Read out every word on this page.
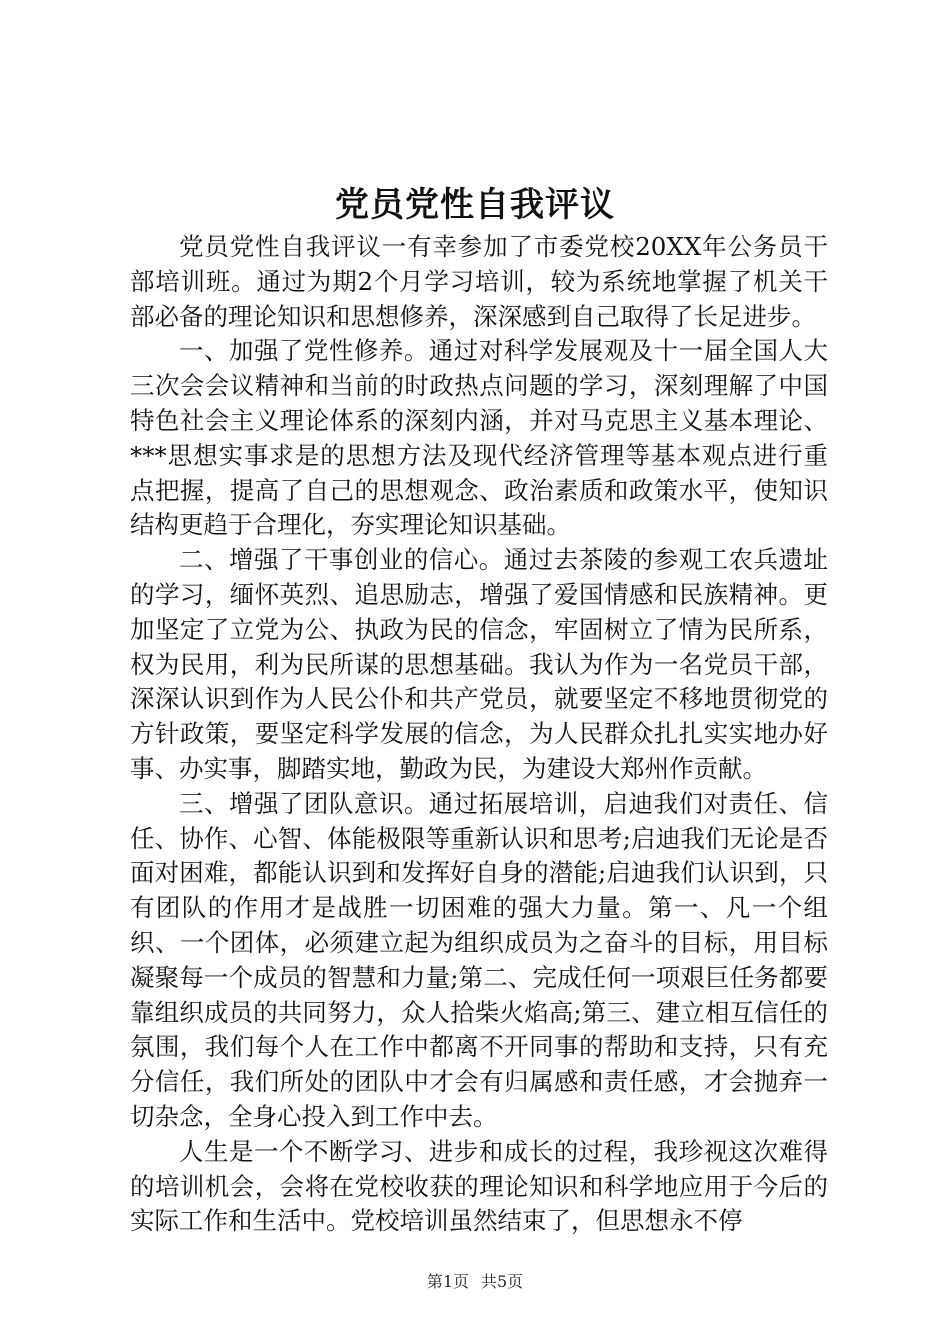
党员党性自我评议

党员党性自我评议一有幸参加了市委党校20XX年公务员干部培训班。通过为期2个月学习培训，较为系统地掌握了机关干部必备的理论知识和思想修养，深深感到自己取得了长足进步。

一、加强了党性修养。通过对科学发展观及十一届全国人大三次会会议精神和当前的时政热点问题的学习，深刻理解了中国特色社会主义理论体系的深刻内涵，并对马克思主义基本理论、***思想实事求是的思想方法及现代经济管理等基本观点进行重点把握，提高了自己的思想观念、政治素质和政策水平，使知识结构更趋于合理化，夯实理论知识基础。

二、增强了干事创业的信心。通过去茶陵的参观工农兵遗址的学习，缅怀英烈、追思励志，增强了爱国情感和民族精神。更加坚定了立党为公、执政为民的信念，牢固树立了情为民所系，权为民用，利为民所谋的思想基础。我认为作为一名党员干部，深深认识到作为人民公仆和共产党员，就要坚定不移地贯彻党的方针政策，要坚定科学发展的信念，为人民群众扎扎实实地办好事、办实事，脚踏实地，勤政为民，为建设大郑州作贡献。

三、增强了团队意识。通过拓展培训，启迪我们对责任、信任、协作、心智、体能极限等重新认识和思考;启迪我们无论是否面对困难，都能认识到和发挥好自身的潜能;启迪我们认识到，只有团队的作用才是战胜一切困难的强大力量。第一、凡一个组织、一个团体，必须建立起为组织成员为之奋斗的目标，用目标凝聚每一个成员的智慧和力量;第二、完成任何一项艰巨任务都要靠组织成员的共同努力，众人拾柴火焰高;第三、建立相互信任的氛围，我们每个人在工作中都离不开同事的帮助和支持，只有充分信任，我们所处的团队中才会有归属感和责任感，才会抛弃一切杂念，全身心投入到工作中去。

人生是一个不断学习、进步和成长的过程，我珍视这次难得的培训机会，会将在党校收获的理论知识和科学地应用于今后的实际工作和生活中。党校培训虽然结束了，但思想永不停

第1页 共5页
